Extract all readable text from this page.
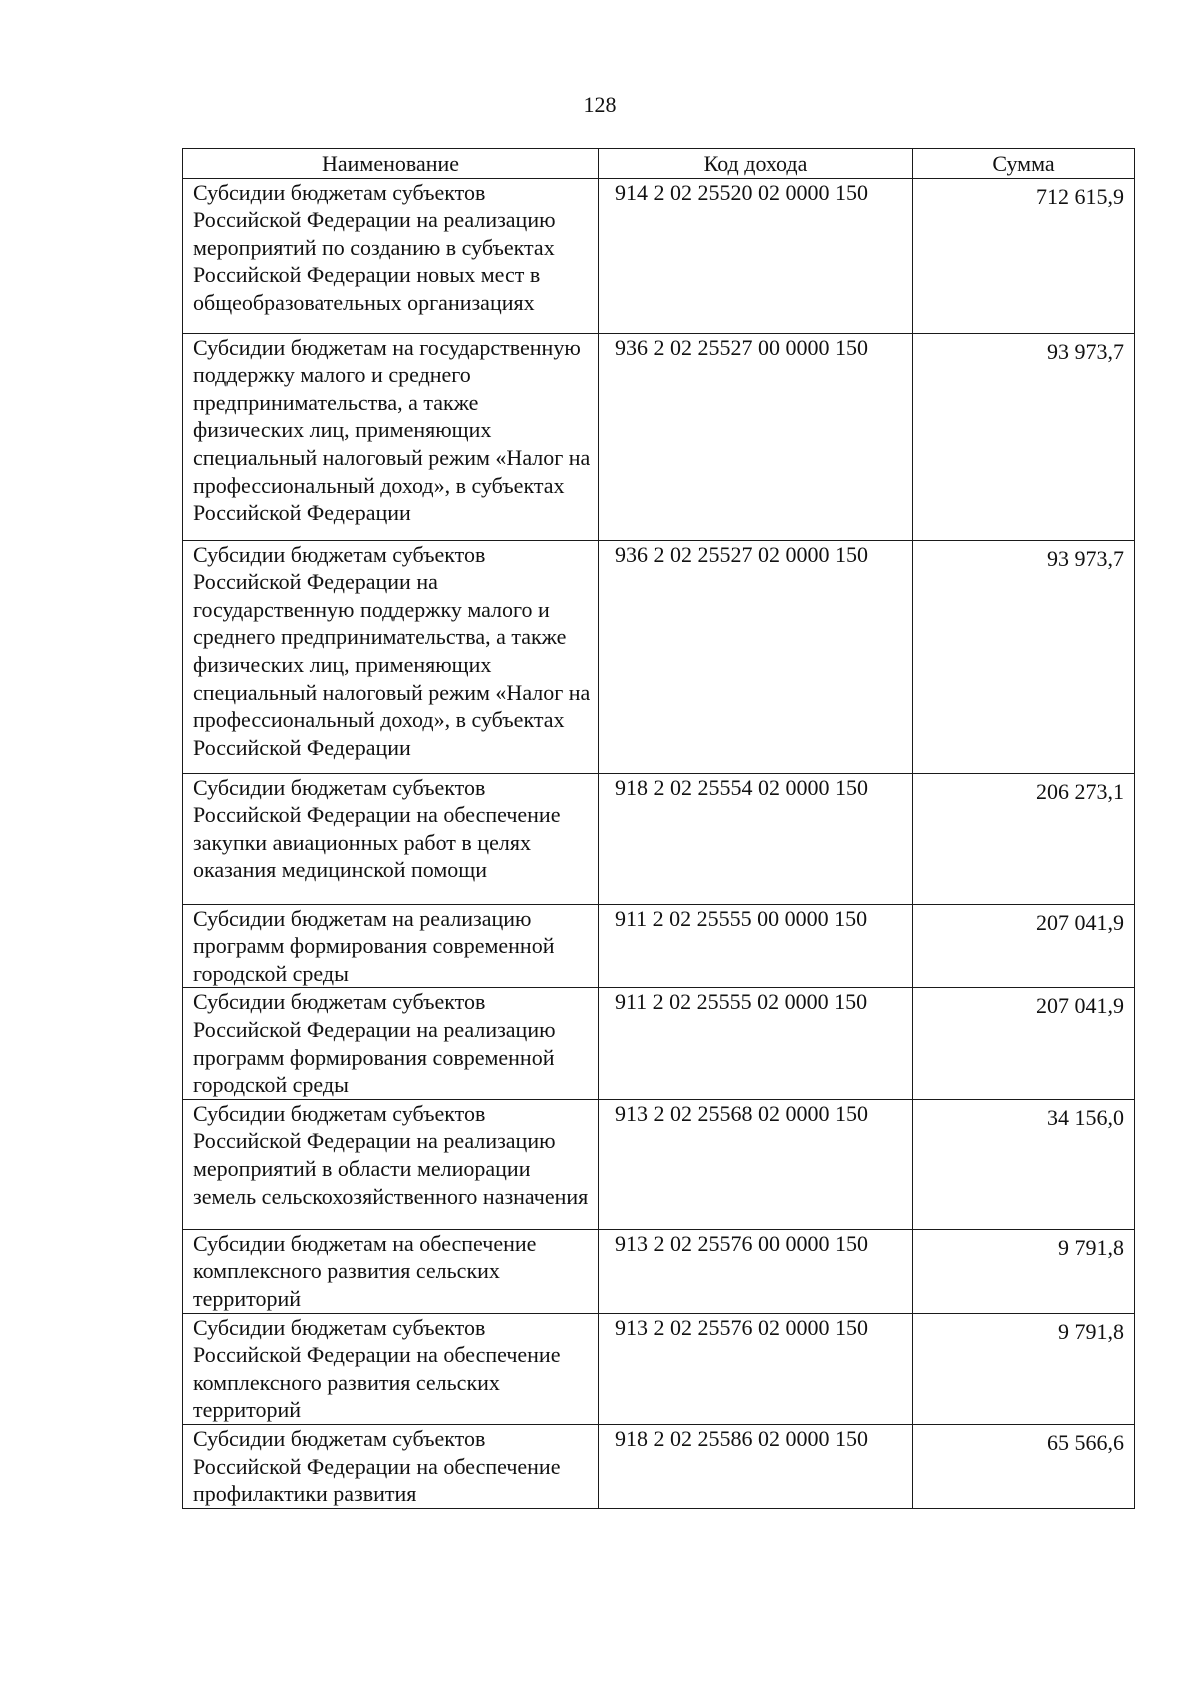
128
Наименование	Код дохода	Сумма

Субсидии бюджетам субъектов Российской Федерации на реализацию мероприятий по созданию в субъектах Российской Федерации новых мест в общеобразовательных организациях	914 2 02 25520 02 0000 150	712 615,9

Субсидии бюджетам на государственную поддержку малого и среднего предпринимательства, а также физических лиц, применяющих специальный налоговый режим «Налог на профессиональный доход», в субъектах Российской Федерации	936 2 02 25527 00 0000 150	93 973,7

Субсидии бюджетам субъектов Российской Федерации на государственную поддержку малого и среднего предпринимательства, а также физических лиц, применяющих специальный налоговый режим «Налог на профессиональный доход», в субъектах Российской Федерации	936 2 02 25527 02 0000 150	93 973,7

Субсидии бюджетам субъектов Российской Федерации на обеспечение закупки авиационных работ в целях оказания медицинской помощи	918 2 02 25554 02 0000 150	206 273,1

Субсидии бюджетам на реализацию программ формирования современной городской среды	911 2 02 25555 00 0000 150	207 041,9

Субсидии бюджетам субъектов Российской Федерации на реализацию программ формирования современной городской среды	911 2 02 25555 02 0000 150	207 041,9

Субсидии бюджетам субъектов Российской Федерации на реализацию мероприятий в области мелиорации земель сельскохозяйственного назначения	913 2 02 25568 02 0000 150	34 156,0

Субсидии бюджетам на обеспечение комплексного развития сельских территорий	913 2 02 25576 00 0000 150	9 791,8

Субсидии бюджетам субъектов Российской Федерации на обеспечение комплексного развития сельских территорий	913 2 02 25576 02 0000 150	9 791,8

Субсидии бюджетам субъектов Российской Федерации на обеспечение профилактики развития	918 2 02 25586 02 0000 150	65 566,6
